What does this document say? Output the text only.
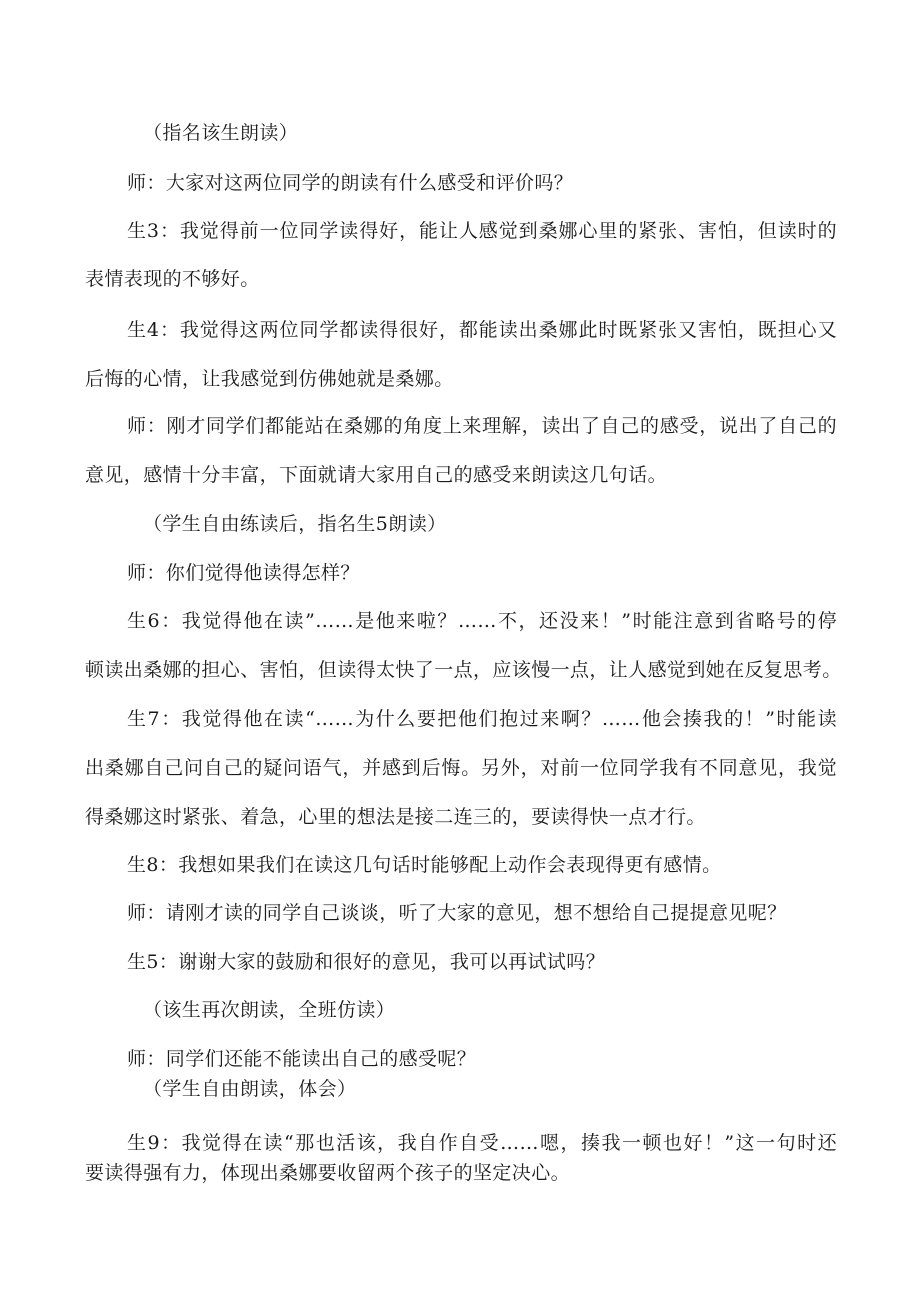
（指名该生朗读）
师：大家对这两位同学的朗读有什么感受和评价吗？
生3：我觉得前一位同学读得好，能让人感觉到桑娜心里的紧张、害怕，但读时的
表情表现的不够好。
生4：我觉得这两位同学都读得很好，都能读出桑娜此时既紧张又害怕，既担心又
后悔的心情，让我感觉到仿佛她就是桑娜。
师：刚才同学们都能站在桑娜的角度上来理解，读出了自己的感受，说出了自己的
意见，感情十分丰富，下面就请大家用自己的感受来朗读这几句话。
（学生自由练读后，指名生5朗读）
师：你们觉得他读得怎样？
生6：我觉得他在读”……是他来啦？……不，还没来！”时能注意到省略号的停
顿读出桑娜的担心、害怕，但读得太快了一点，应该慢一点，让人感觉到她在反复思考。
生7：我觉得他在读“……为什么要把他们抱过来啊？……他会揍我的！”时能读
出桑娜自己问自己的疑问语气，并感到后悔。另外，对前一位同学我有不同意见，我觉
得桑娜这时紧张、着急，心里的想法是接二连三的，要读得快一点才行。
生8：我想如果我们在读这几句话时能够配上动作会表现得更有感情。
师：请刚才读的同学自己谈谈，听了大家的意见，想不想给自己提提意见呢？
生5：谢谢大家的鼓励和很好的意见，我可以再试试吗？
（该生再次朗读，全班仿读）
师：同学们还能不能读出自己的感受呢？
（学生自由朗读，体会）
生9：我觉得在读“那也活该，我自作自受……嗯，揍我一顿也好！”这一句时还
要读得强有力，体现出桑娜要收留两个孩子的坚定决心。
